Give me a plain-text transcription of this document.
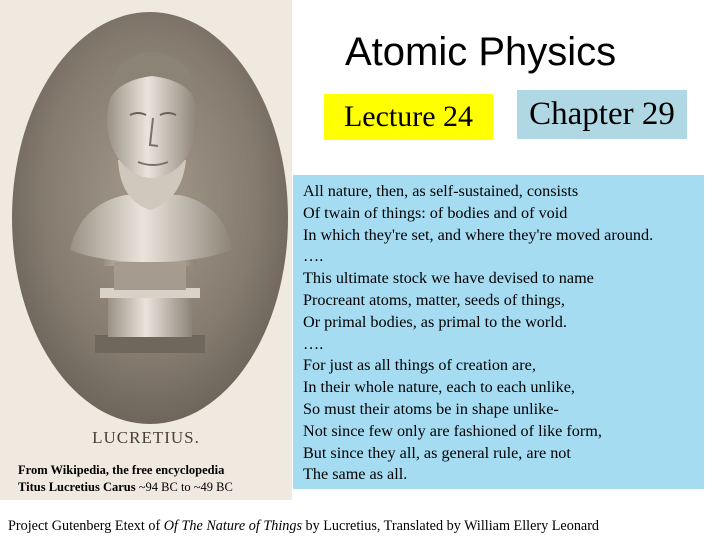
LUCRETIUS.
From Wikipedia, the free encyclopedia
Titus Lucretius Carus ~94 BC to ~49 BC
Atomic Physics
Lecture 24	Chapter 29
All nature, then, as self-sustained, consists
Of twain of things: of bodies and of void
In which they're set, and where they're moved around.
….
This ultimate stock we have devised to name
Procreant atoms, matter, seeds of things,
Or primal bodies, as primal to the world.
….
For just as all things of creation are,
In their whole nature, each to each unlike,
So must their atoms be in shape unlike-
Not since few only are fashioned of like form,
But since they all, as general rule, are not
The same as all.
Project Gutenberg Etext of Of The Nature of Things by Lucretius, Translated by William Ellery Leonard
